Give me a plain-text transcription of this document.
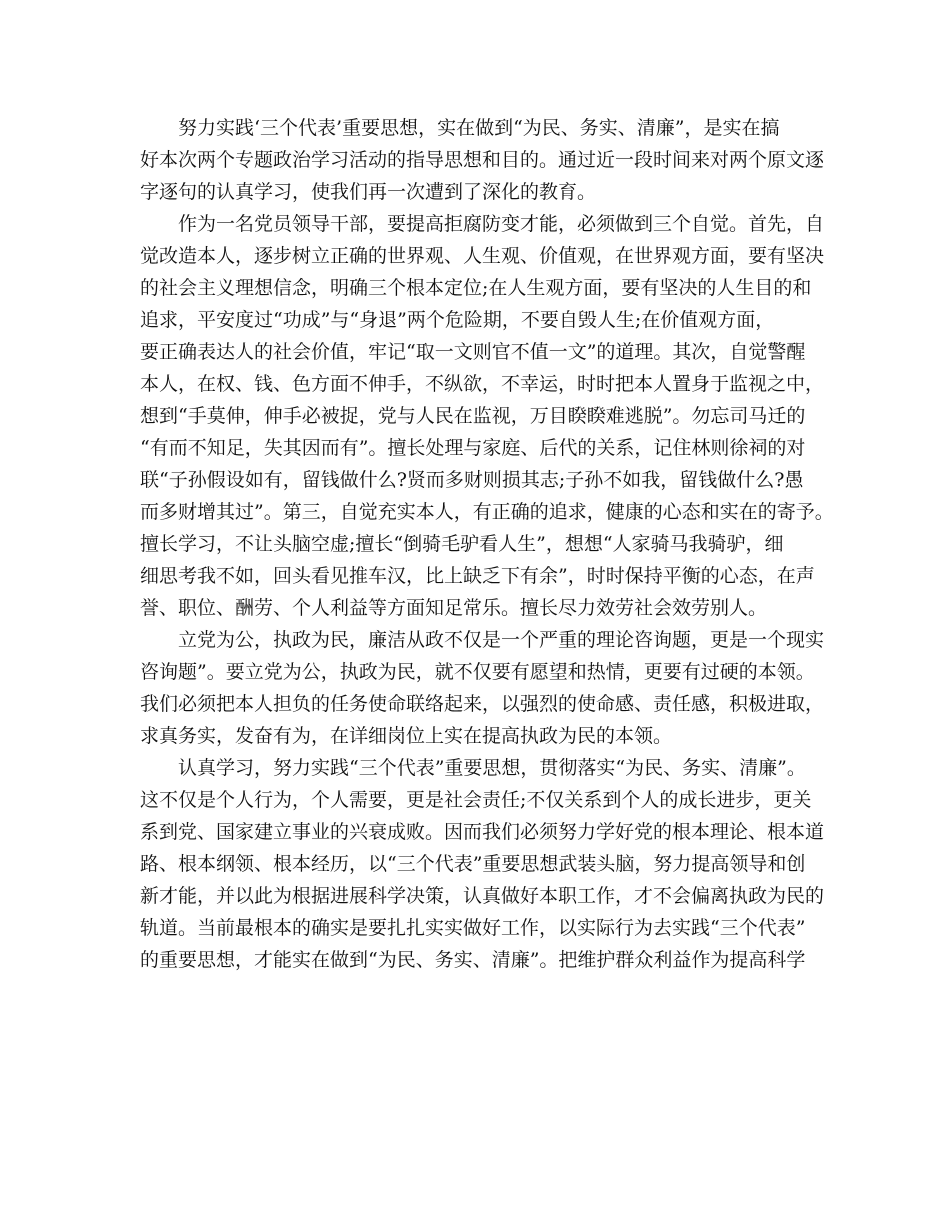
努力实践‘三个代表’重要思想，实在做到“为民、务实、清廉”，是实在搞
好本次两个专题政治学习活动的指导思想和目的。通过近一段时间来对两个原文逐
字逐句的认真学习，使我们再一次遭到了深化的教育。
作为一名党员领导干部，要提高拒腐防变才能，必须做到三个自觉。首先，自
觉改造本人，逐步树立正确的世界观、人生观、价值观，在世界观方面，要有坚决
的社会主义理想信念，明确三个根本定位;在人生观方面，要有坚决的人生目的和
追求，平安度过“功成”与“身退”两个危险期，不要自毁人生;在价值观方面，
要正确表达人的社会价值，牢记“取一文则官不值一文”的道理。其次，自觉警醒
本人，在权、钱、色方面不伸手，不纵欲，不幸运，时时把本人置身于监视之中，
想到“手莫伸，伸手必被捉，党与人民在监视，万目睽睽难逃脱”。勿忘司马迁的
“有而不知足，失其因而有”。擅长处理与家庭、后代的关系，记住林则徐祠的对
联“子孙假设如有，留钱做什么?贤而多财则损其志;子孙不如我，留钱做什么?愚
而多财增其过”。第三，自觉充实本人，有正确的追求，健康的心态和实在的寄予。
擅长学习，不让头脑空虚;擅长“倒骑毛驴看人生”，想想“人家骑马我骑驴，细
细思考我不如，回头看见推车汉，比上缺乏下有余”，时时保持平衡的心态，在声
誉、职位、酬劳、个人利益等方面知足常乐。擅长尽力效劳社会效劳别人。
立党为公，执政为民，廉洁从政不仅是一个严重的理论咨询题，更是一个现实
咨询题”。要立党为公，执政为民，就不仅要有愿望和热情，更要有过硬的本领。
我们必须把本人担负的任务使命联络起来，以强烈的使命感、责任感，积极进取，
求真务实，发奋有为，在详细岗位上实在提高执政为民的本领。
认真学习，努力实践“三个代表”重要思想，贯彻落实“为民、务实、清廉”。
这不仅是个人行为，个人需要，更是社会责任;不仅关系到个人的成长进步，更关
系到党、国家建立事业的兴衰成败。因而我们必须努力学好党的根本理论、根本道
路、根本纲领、根本经历，以“三个代表”重要思想武装头脑，努力提高领导和创
新才能，并以此为根据进展科学决策，认真做好本职工作，才不会偏离执政为民的
轨道。当前最根本的确实是要扎扎实实做好工作，以实际行为去实践“三个代表”
的重要思想，才能实在做到“为民、务实、清廉”。把维护群众利益作为提高科学
